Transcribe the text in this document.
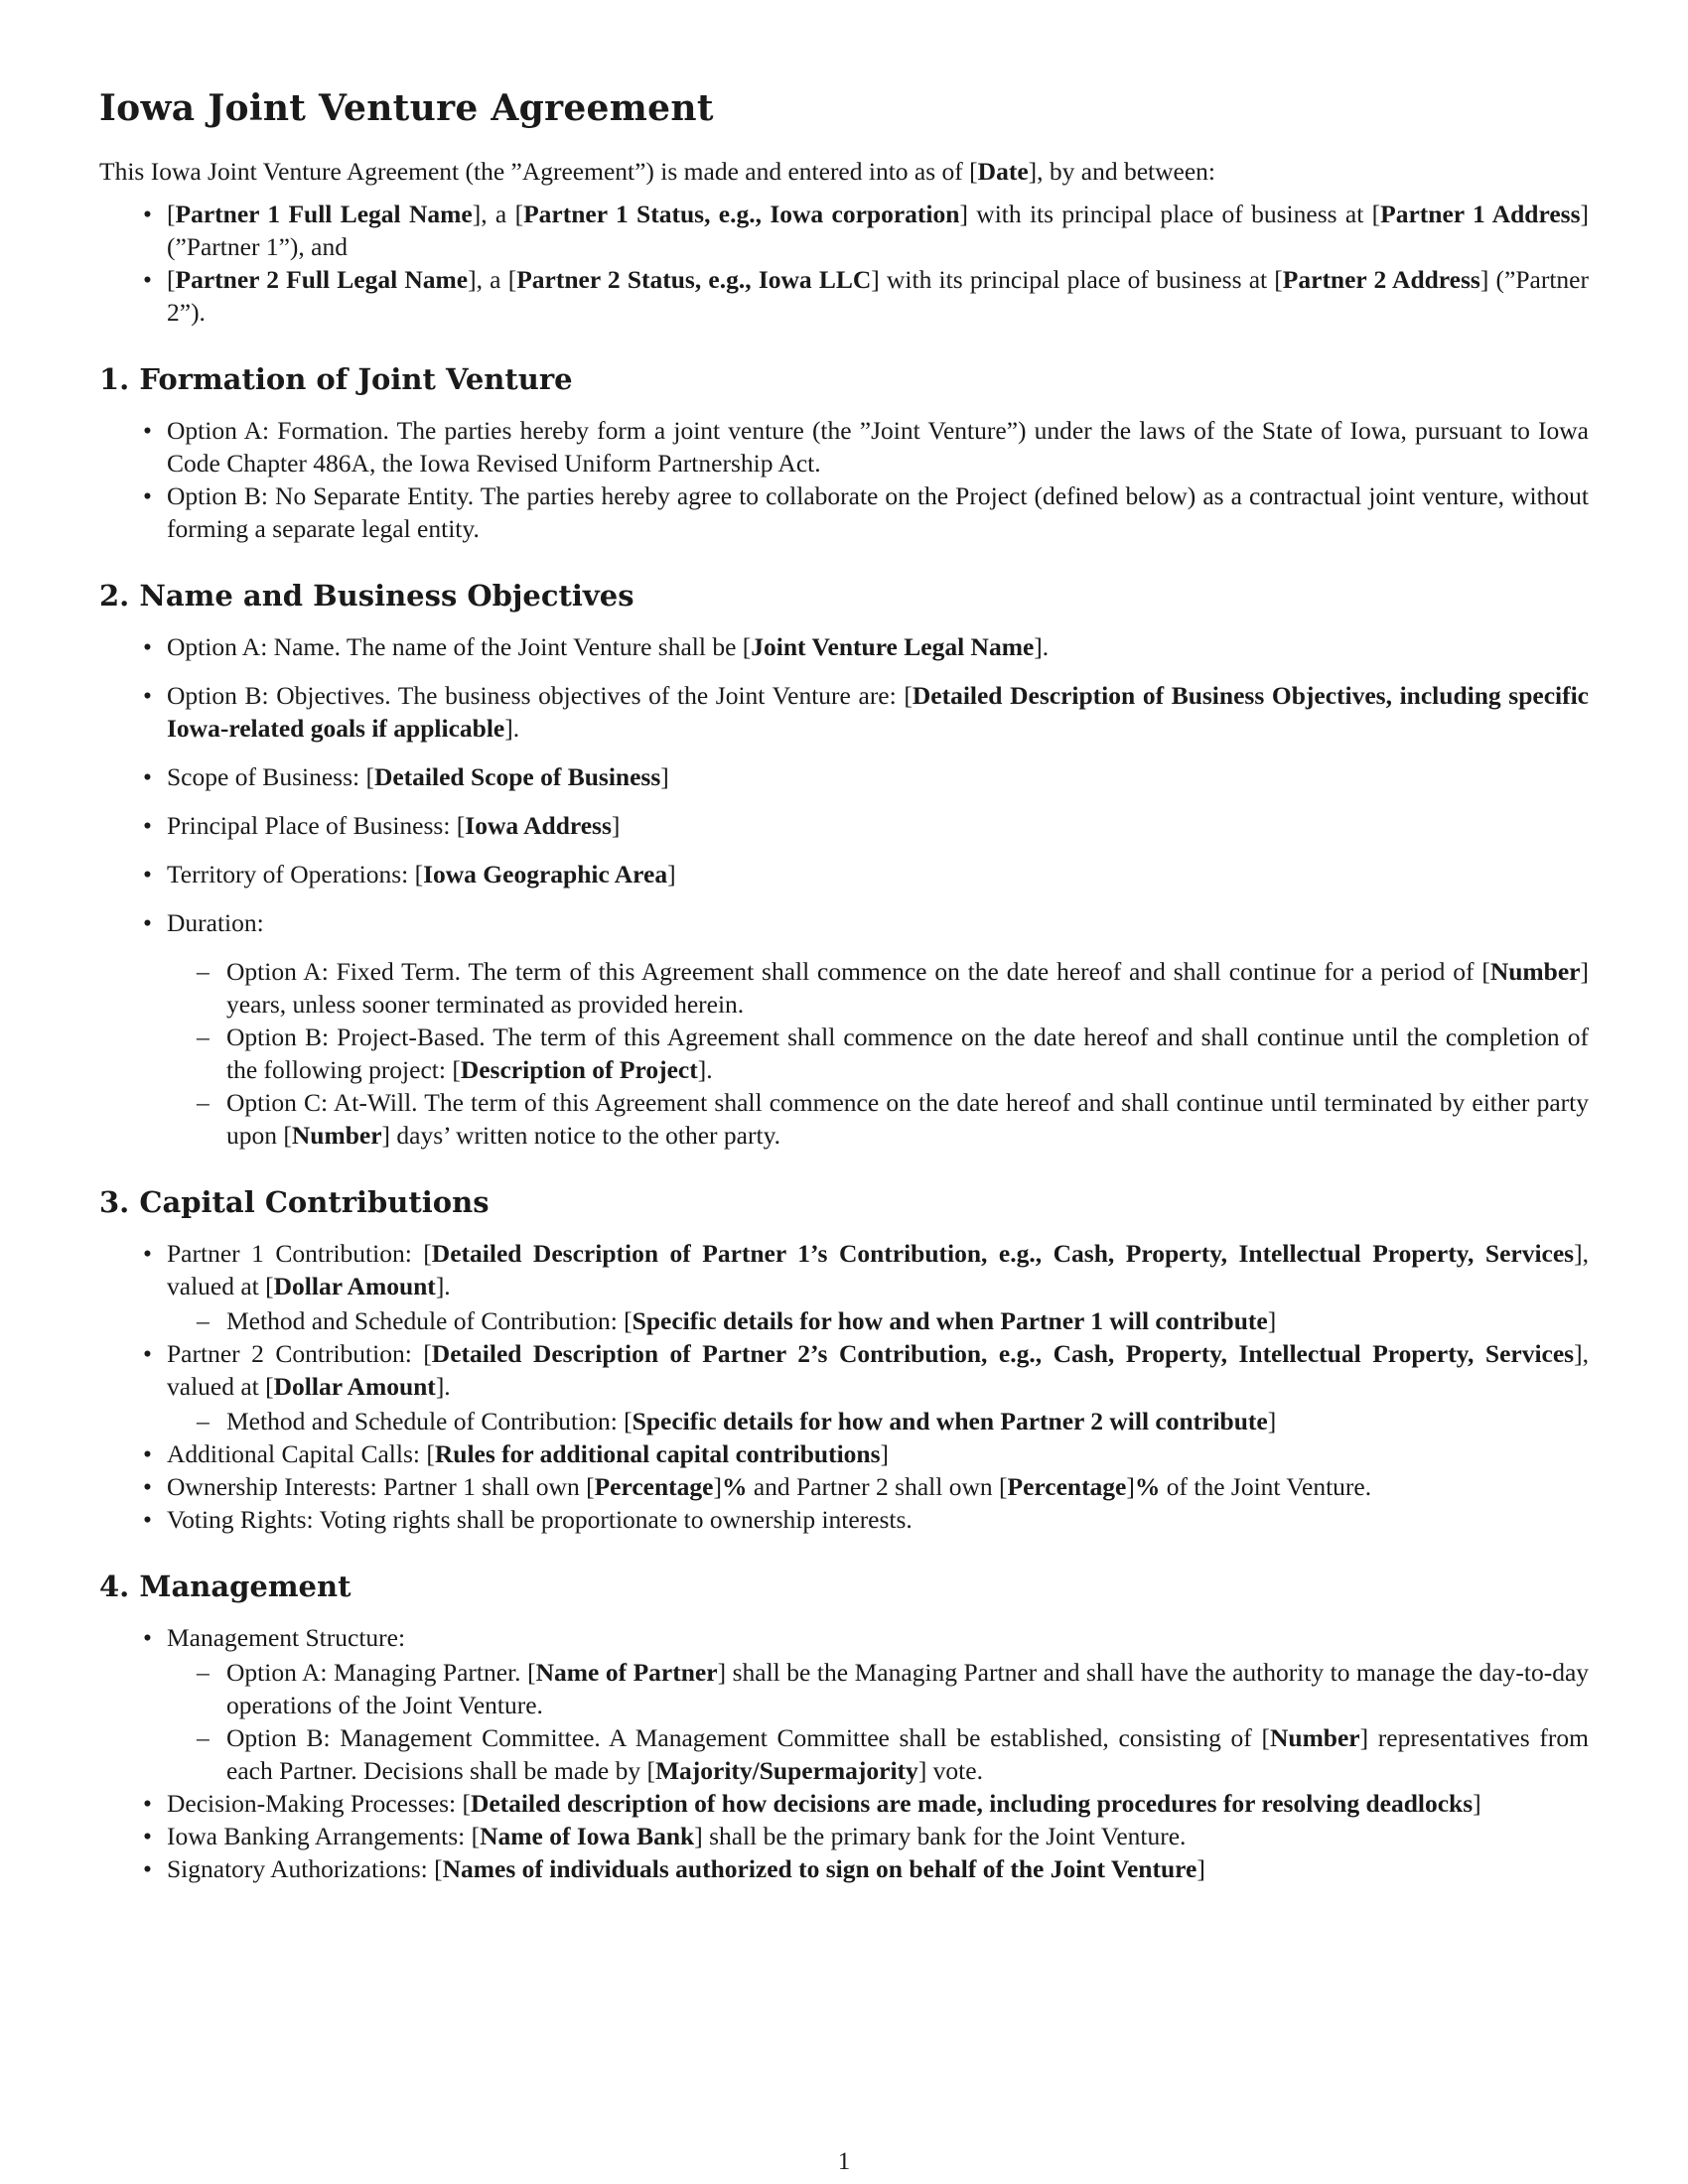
Iowa Joint Venture Agreement

This Iowa Joint Venture Agreement (the ”Agreement”) is made and entered into as of [Date], by and between:

• [Partner 1 Full Legal Name], a [Partner 1 Status, e.g., Iowa corporation] with its principal place of business at [Partner 1 Address] (”Partner 1”), and
• [Partner 2 Full Legal Name], a [Partner 2 Status, e.g., Iowa LLC] with its principal place of business at [Partner 2 Address] (”Partner 2”).
1. Formation of Joint Venture
• Option A: Formation. The parties hereby form a joint venture (the ”Joint Venture”) under the laws of the State of Iowa, pursuant to Iowa Code Chapter 486A, the Iowa Revised Uniform Partnership Act.
• Option B: No Separate Entity. The parties hereby agree to collaborate on the Project (defined below) as a contractual joint venture, without forming a separate legal entity.
2. Name and Business Objectives
• Option A: Name. The name of the Joint Venture shall be [Joint Venture Legal Name].
• Option B: Objectives. The business objectives of the Joint Venture are: [Detailed Description of Business Objectives, including specific Iowa-related goals if applicable].
• Scope of Business: [Detailed Scope of Business]
• Principal Place of Business: [Iowa Address]
• Territory of Operations: [Iowa Geographic Area]
• Duration:
– Option A: Fixed Term. The term of this Agreement shall commence on the date hereof and shall continue for a period of [Number] years, unless sooner terminated as provided herein.
– Option B: Project-Based. The term of this Agreement shall commence on the date hereof and shall continue until the completion of the following project: [Description of Project].
– Option C: At-Will. The term of this Agreement shall commence on the date hereof and shall continue until terminated by either party upon [Number] days’ written notice to the other party.
3. Capital Contributions
• Partner 1 Contribution: [Detailed Description of Partner 1’s Contribution, e.g., Cash, Property, Intellectual Property, Services], valued at [Dollar Amount].
– Method and Schedule of Contribution: [Specific details for how and when Partner 1 will contribute]
• Partner 2 Contribution: [Detailed Description of Partner 2’s Contribution, e.g., Cash, Property, Intellectual Property, Services], valued at [Dollar Amount].
– Method and Schedule of Contribution: [Specific details for how and when Partner 2 will contribute]
• Additional Capital Calls: [Rules for additional capital contributions]
• Ownership Interests: Partner 1 shall own [Percentage]% and Partner 2 shall own [Percentage]% of the Joint Venture.
• Voting Rights: Voting rights shall be proportionate to ownership interests.
4. Management
• Management Structure:
– Option A: Managing Partner. [Name of Partner] shall be the Managing Partner and shall have the authority to manage the day-to-day operations of the Joint Venture.
– Option B: Management Committee. A Management Committee shall be established, consisting of [Number] representatives from each Partner. Decisions shall be made by [Majority/Supermajority] vote.
• Decision-Making Processes: [Detailed description of how decisions are made, including procedures for resolving deadlocks]
• Iowa Banking Arrangements: [Name of Iowa Bank] shall be the primary bank for the Joint Venture.
• Signatory Authorizations: [Names of individuals authorized to sign on behalf of the Joint Venture]
1
